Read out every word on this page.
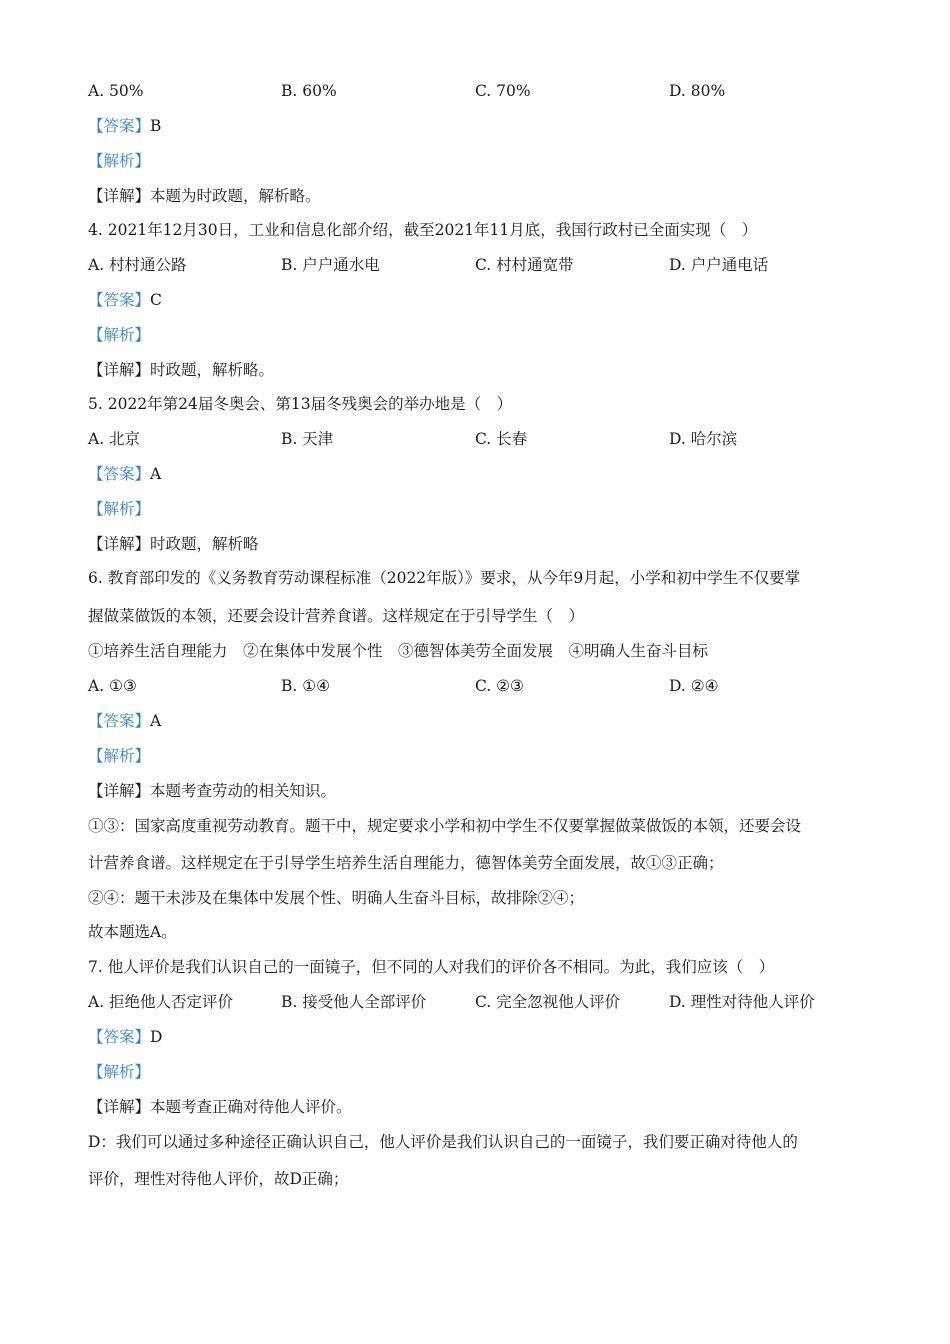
A. 50%	B. 60%	C. 70%	D. 80%
【答案】B
【解析】
【详解】本题为时政题，解析略。
4. 2021年12月30日，工业和信息化部介绍，截至2021年11月底，我国行政村已全面实现（　）
A. 村村通公路	B. 户户通水电	C. 村村通宽带	D. 户户通电话
【答案】C
【解析】
【详解】时政题，解析略。
5. 2022年第24届冬奥会、第13届冬残奥会的举办地是（　）
A. 北京	B. 天津	C. 长春	D. 哈尔滨
【答案】A
【解析】
【详解】时政题，解析略
6. 教育部印发的《义务教育劳动课程标准（2022年版）》要求，从今年9月起，小学和初中学生不仅要掌
握做菜做饭的本领，还要会设计营养食谱。这样规定在于引导学生（　）
①培养生活自理能力　②在集体中发展个性　③德智体美劳全面发展　④明确人生奋斗目标
A. ①③	B. ①④	C. ②③	D. ②④
【答案】A
【解析】
【详解】本题考查劳动的相关知识。
①③：国家高度重视劳动教育。题干中，规定要求小学和初中学生不仅要掌握做菜做饭的本领，还要会设
计营养食谱。这样规定在于引导学生培养生活自理能力，德智体美劳全面发展，故①③正确；
②④：题干未涉及在集体中发展个性、明确人生奋斗目标，故排除②④；
故本题选A。
7. 他人评价是我们认识自己的一面镜子，但不同的人对我们的评价各不相同。为此，我们应该（　）
A. 拒绝他人否定评价	B. 接受他人全部评价	C. 完全忽视他人评价	D. 理性对待他人评价
【答案】D
【解析】
【详解】本题考查正确对待他人评价。
D：我们可以通过多种途径正确认识自己，他人评价是我们认识自己的一面镜子，我们要正确对待他人的
评价，理性对待他人评价，故D正确；
